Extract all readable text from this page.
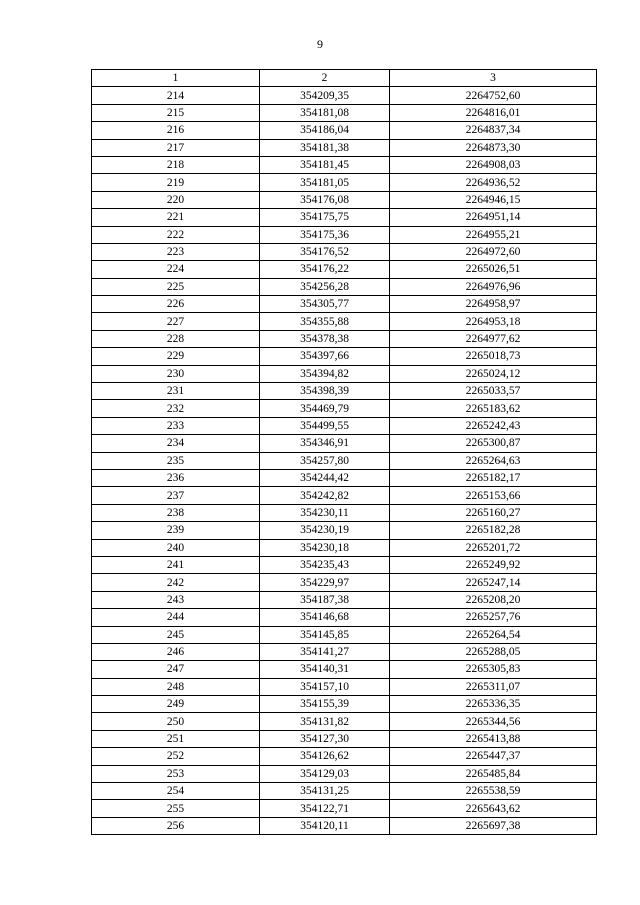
9
1	2	3
214	354209,35	2264752,60
215	354181,08	2264816,01
216	354186,04	2264837,34
217	354181,38	2264873,30
218	354181,45	2264908,03
219	354181,05	2264936,52
220	354176,08	2264946,15
221	354175,75	2264951,14
222	354175,36	2264955,21
223	354176,52	2264972,60
224	354176,22	2265026,51
225	354256,28	2264976,96
226	354305,77	2264958,97
227	354355,88	2264953,18
228	354378,38	2264977,62
229	354397,66	2265018,73
230	354394,82	2265024,12
231	354398,39	2265033,57
232	354469,79	2265183,62
233	354499,55	2265242,43
234	354346,91	2265300,87
235	354257,80	2265264,63
236	354244,42	2265182,17
237	354242,82	2265153,66
238	354230,11	2265160,27
239	354230,19	2265182,28
240	354230,18	2265201,72
241	354235,43	2265249,92
242	354229,97	2265247,14
243	354187,38	2265208,20
244	354146,68	2265257,76
245	354145,85	2265264,54
246	354141,27	2265288,05
247	354140,31	2265305,83
248	354157,10	2265311,07
249	354155,39	2265336,35
250	354131,82	2265344,56
251	354127,30	2265413,88
252	354126,62	2265447,37
253	354129,03	2265485,84
254	354131,25	2265538,59
255	354122,71	2265643,62
256	354120,11	2265697,38
